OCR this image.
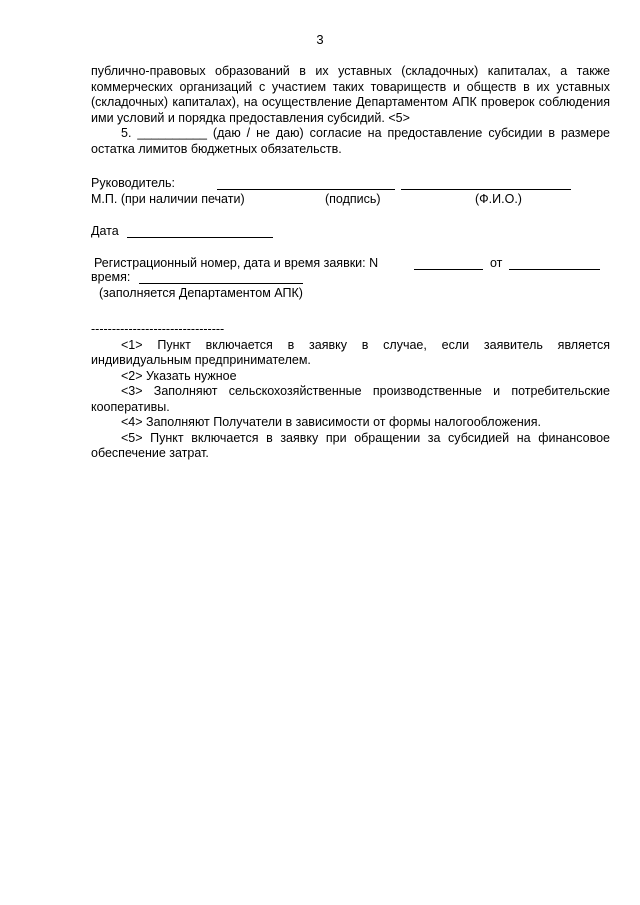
3

публично-правовых образований в их уставных (складочных) капиталах, а также коммерческих организаций с участием таких товариществ и обществ в их уставных (складочных) капиталах), на осуществление Департаментом АПК проверок соблюдения ими условий и порядка предоставления субсидий. <5>

5. __________ (даю / не даю) согласие на предоставление субсидии в размере остатка лимитов бюджетных обязательств.

Руководитель:
М.П. (при наличии печати)	(подпись)	(Ф.И.О.)
Дата
Регистрационный номер, дата и время заявки: N	от
время:
(заполняется Департаментом АПК)

--------------------------------

<1> Пункт включается в заявку в случае, если заявитель является индивидуальным предпринимателем.

<2> Указать нужное

<3> Заполняют сельскохозяйственные производственные и потребительские кооперативы.

<4> Заполняют Получатели в зависимости от формы налогообложения.

<5> Пункт включается в заявку при обращении за субсидией на финансовое обеспечение затрат.
